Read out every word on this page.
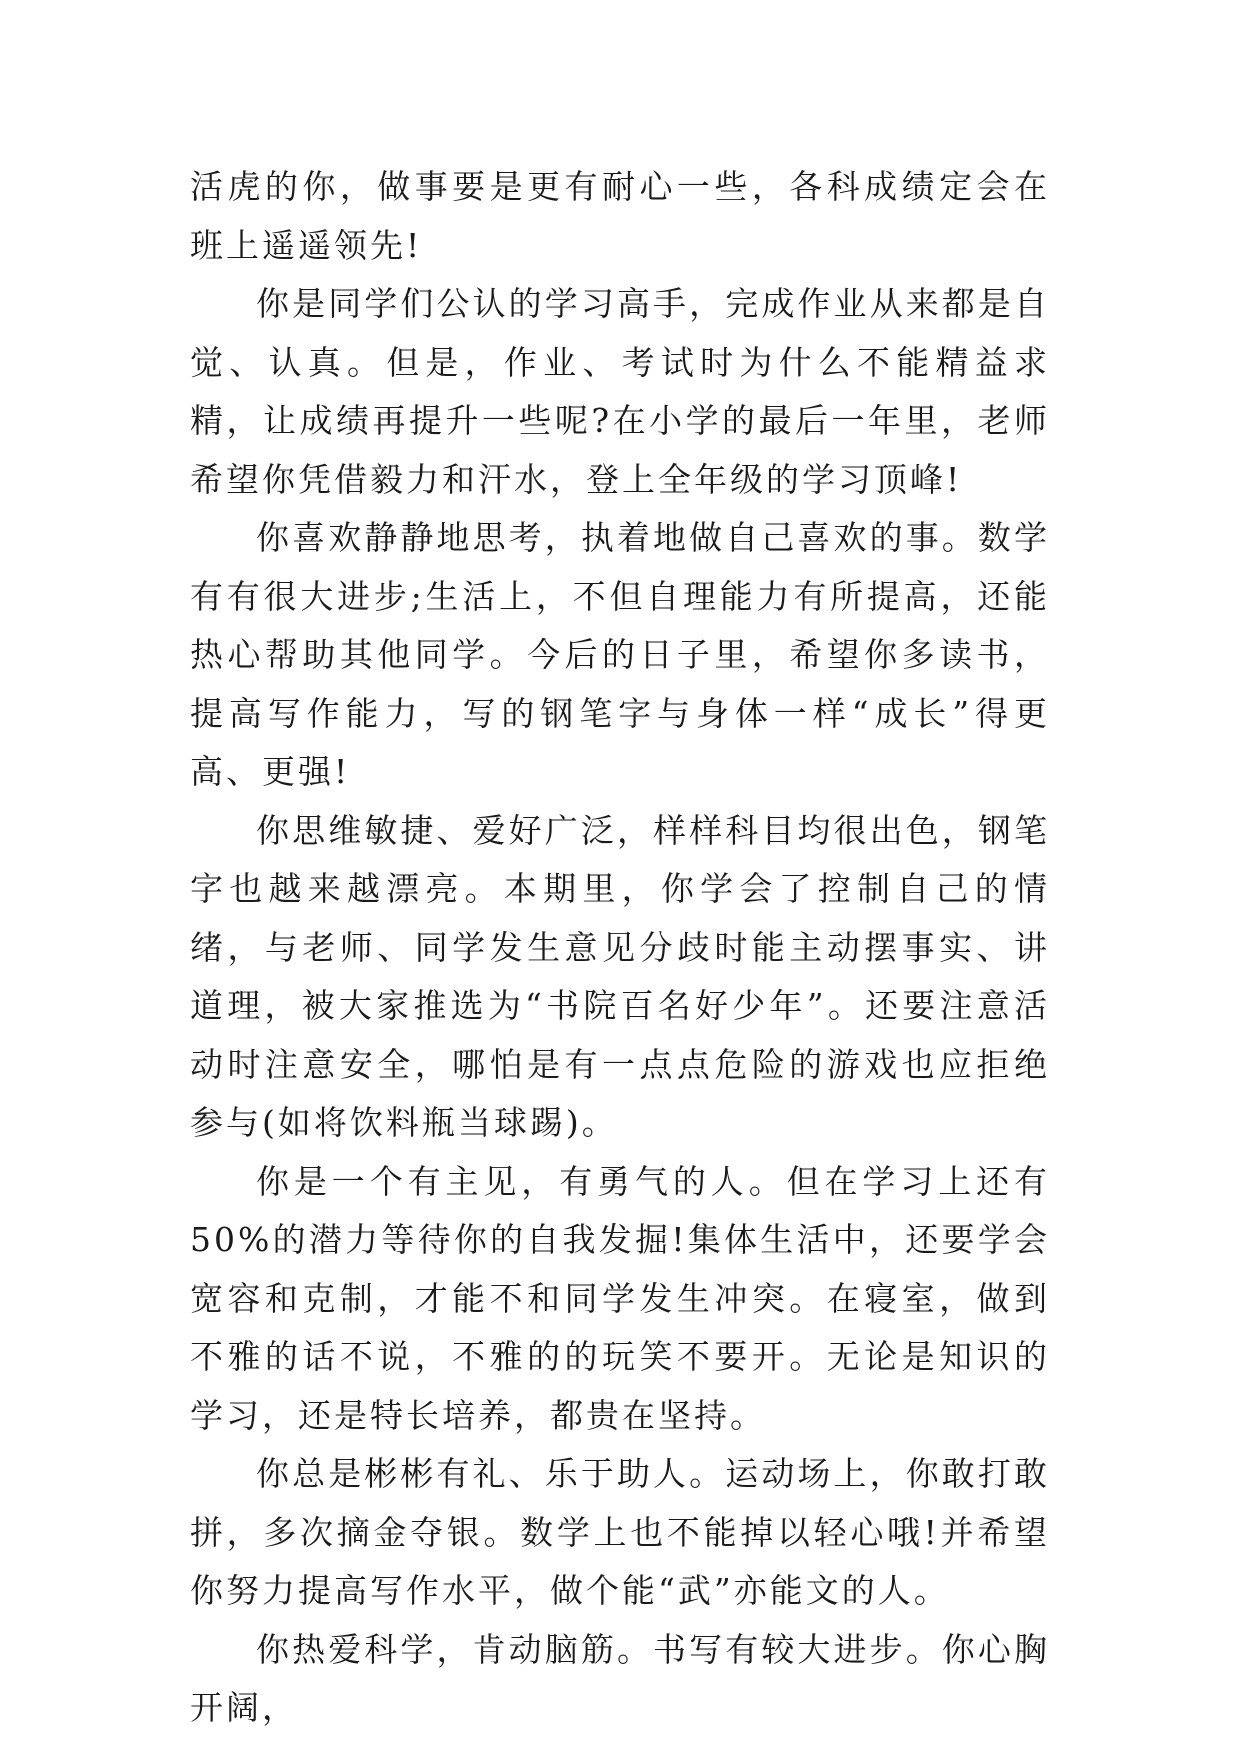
活虎的你，做事要是更有耐心一些，各科成绩定会在班上遥遥领先!

你是同学们公认的学习高手，完成作业从来都是自觉、认真。但是，作业、考试时为什么不能精益求精，让成绩再提升一些呢?在小学的最后一年里，老师希望你凭借毅力和汗水，登上全年级的学习顶峰!

你喜欢静静地思考，执着地做自己喜欢的事。数学有有很大进步;生活上，不但自理能力有所提高，还能热心帮助其他同学。今后的日子里，希望你多读书，提高写作能力，写的钢笔字与身体一样“成长”得更高、更强!

你思维敏捷、爱好广泛，样样科目均很出色，钢笔字也越来越漂亮。本期里，你学会了控制自己的情绪，与老师、同学发生意见分歧时能主动摆事实、讲道理，被大家推选为“书院百名好少年”。还要注意活动时注意安全，哪怕是有一点点危险的游戏也应拒绝参与(如将饮料瓶当球踢)。

你是一个有主见，有勇气的人。但在学习上还有 50%的潜力等待你的自我发掘!集体生活中，还要学会宽容和克制，才能不和同学发生冲突。在寝室，做到不雅的话不说，不雅的的玩笑不要开。无论是知识的学习，还是特长培养，都贵在坚持。

你总是彬彬有礼、乐于助人。运动场上，你敢打敢拼，多次摘金夺银。数学上也不能掉以轻心哦!并希望你努力提高写作水平，做个能“武”亦能文的人。

你热爱科学，肯动脑筋。书写有较大进步。你心胸开阔，
